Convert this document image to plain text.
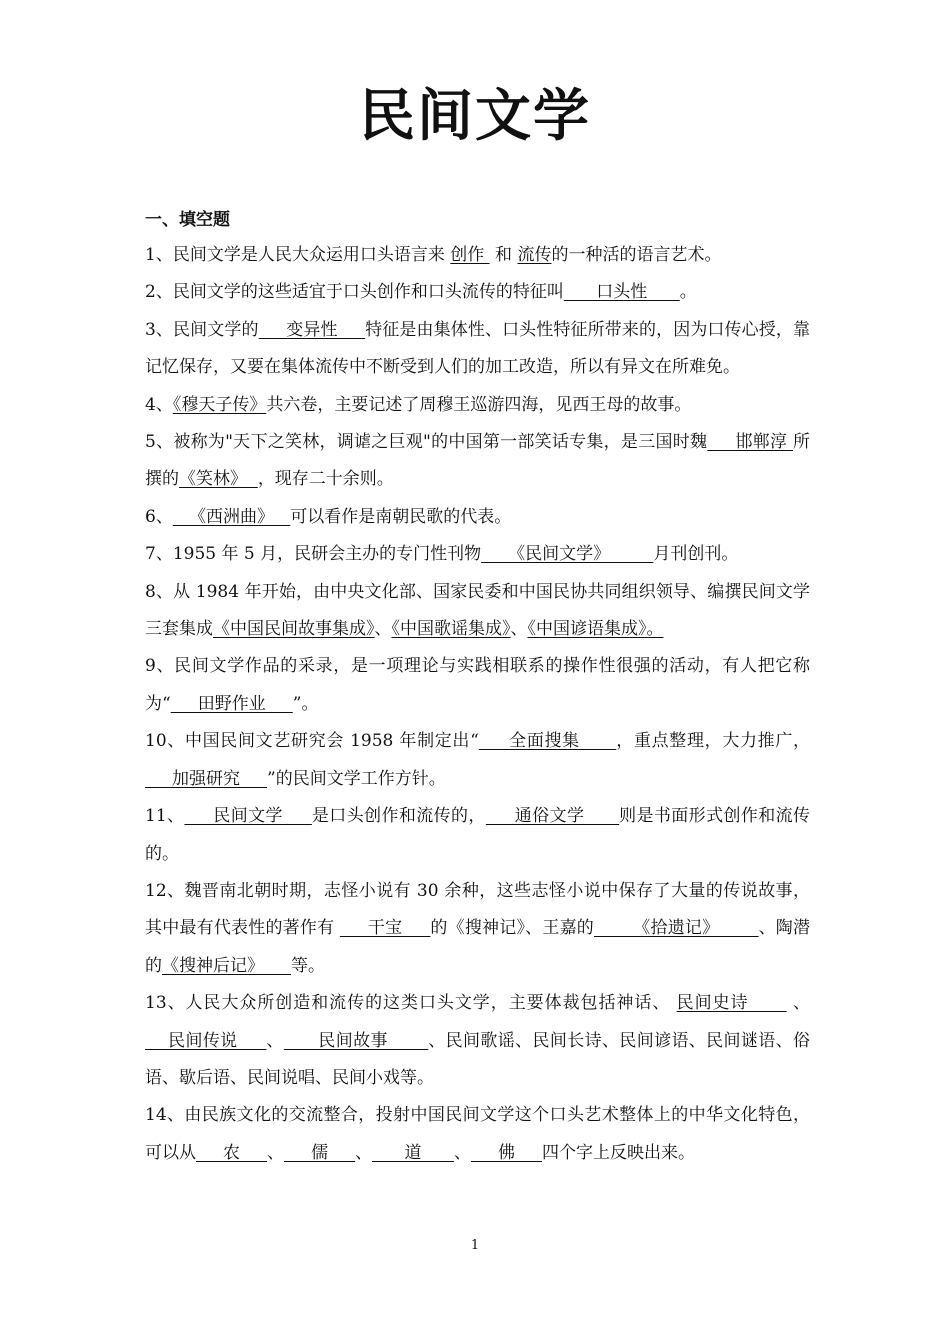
民间文学
一、填空题

1、民间文学是人民大众运用口头语言来 创作  和 流传的一种活的语言艺术。

2、民间文学的这些适宜于口头创作和口头流传的特征叫      口头性      。

3、民间文学的     变异性     特征是由集体性、口头性特征所带来的，因为口传心授，靠记忆保存，又要在集体流传中不断受到人们的加工改造，所以有异文在所难免。

4、《穆天子传》共六卷，主要记述了周穆王巡游四海，见西王母的故事。

5、被称为"天下之笑林，调谑之巨观"的中国第一部笑话专集，是三国时魏     邯郸淳 所撰的《笑林》  ，现存二十余则。

6、   《西洲曲》   可以看作是南朝民歌的代表。

7、1955 年 5 月，民研会主办的专门性刊物     《民间文学》        月刊创刊。

8、从 1984 年开始，由中央文化部、国家民委和中国民协共同组织领导、编撰民间文学三套集成《中国民间故事集成》、《中国歌谣集成》、《中国谚语集成》。

9、民间文学作品的采录，是一项理论与实践相联系的操作性很强的活动，有人把它称为“     田野作业     ”。

10、中国民间文艺研究会 1958 年制定出“     全面搜集      ，重点整理，大力推广，     加强研究     ”的民间文学工作方针。

11、     民间文学     是口头创作和流传的，     通俗文学      则是书面形式创作和流传的。

12、魏晋南北朝时期，志怪小说有 30 余种，这些志怪小说中保存了大量的传说故事，其中最有代表性的著作有      干宝     的《搜神记》、王嘉的       《拾遗记》       、陶潜的《搜神后记》     等。

13、人民大众所创造和流传的这类口头文学，主要体裁包括神话、 民间史诗       、    民间传说     、      民间故事       、民间歌谣、民间长诗、民间谚语、民间谜语、俗语、歇后语、民间说唱、民间小戏等。

14、由民族文化的交流整合，投射中国民间文学这个口头艺术整体上的中华文化特色，可以从     农     、     儒     、      道      、     佛     四个字上反映出来。

1
